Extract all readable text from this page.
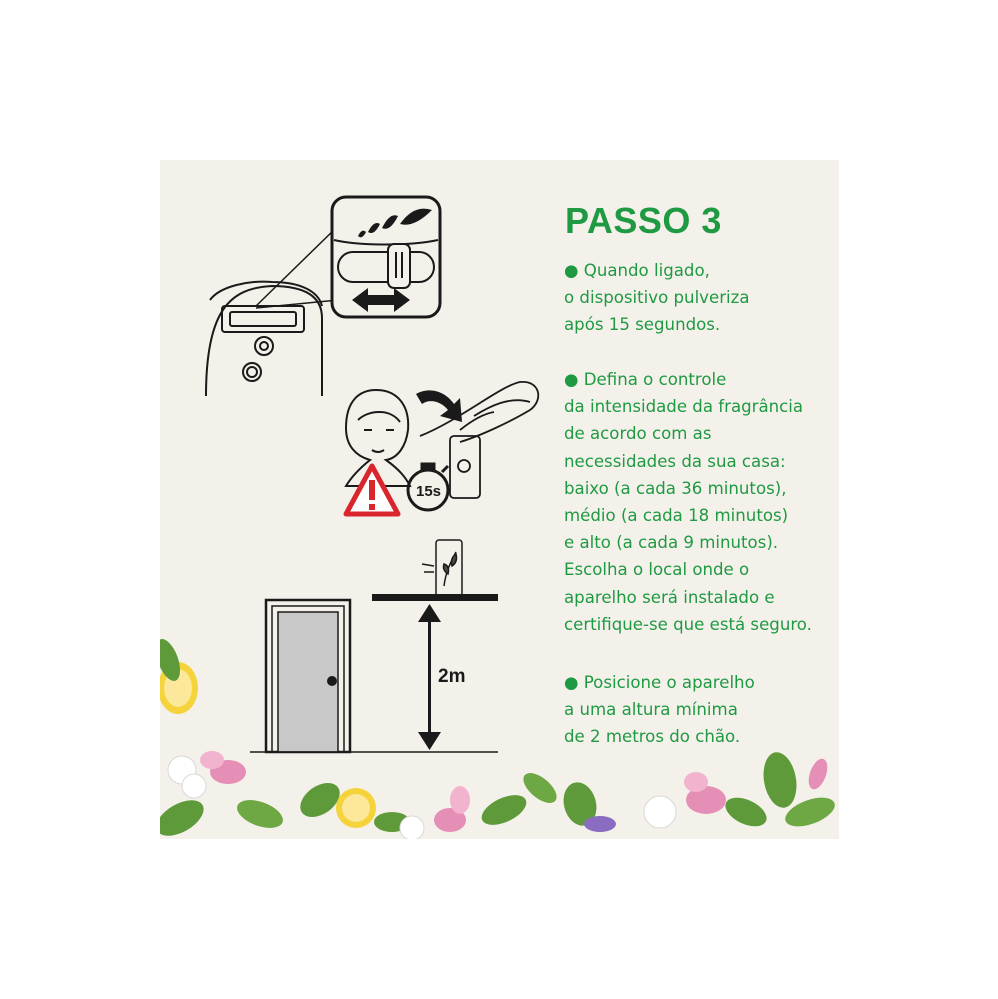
15s
2m
PASSO 3

● Quando ligado,
o dispositivo pulveriza
após 15 segundos.

● Defina o controle
da intensidade da fragrância
de acordo com as
necessidades da sua casa:
baixo (a cada 36 minutos),
médio (a cada 18 minutos)
e alto (a cada 9 minutos).
Escolha o local onde o
aparelho será instalado e
certifique-se que está seguro.

● Posicione o aparelho
a uma altura mínima
de 2 metros do chão.
